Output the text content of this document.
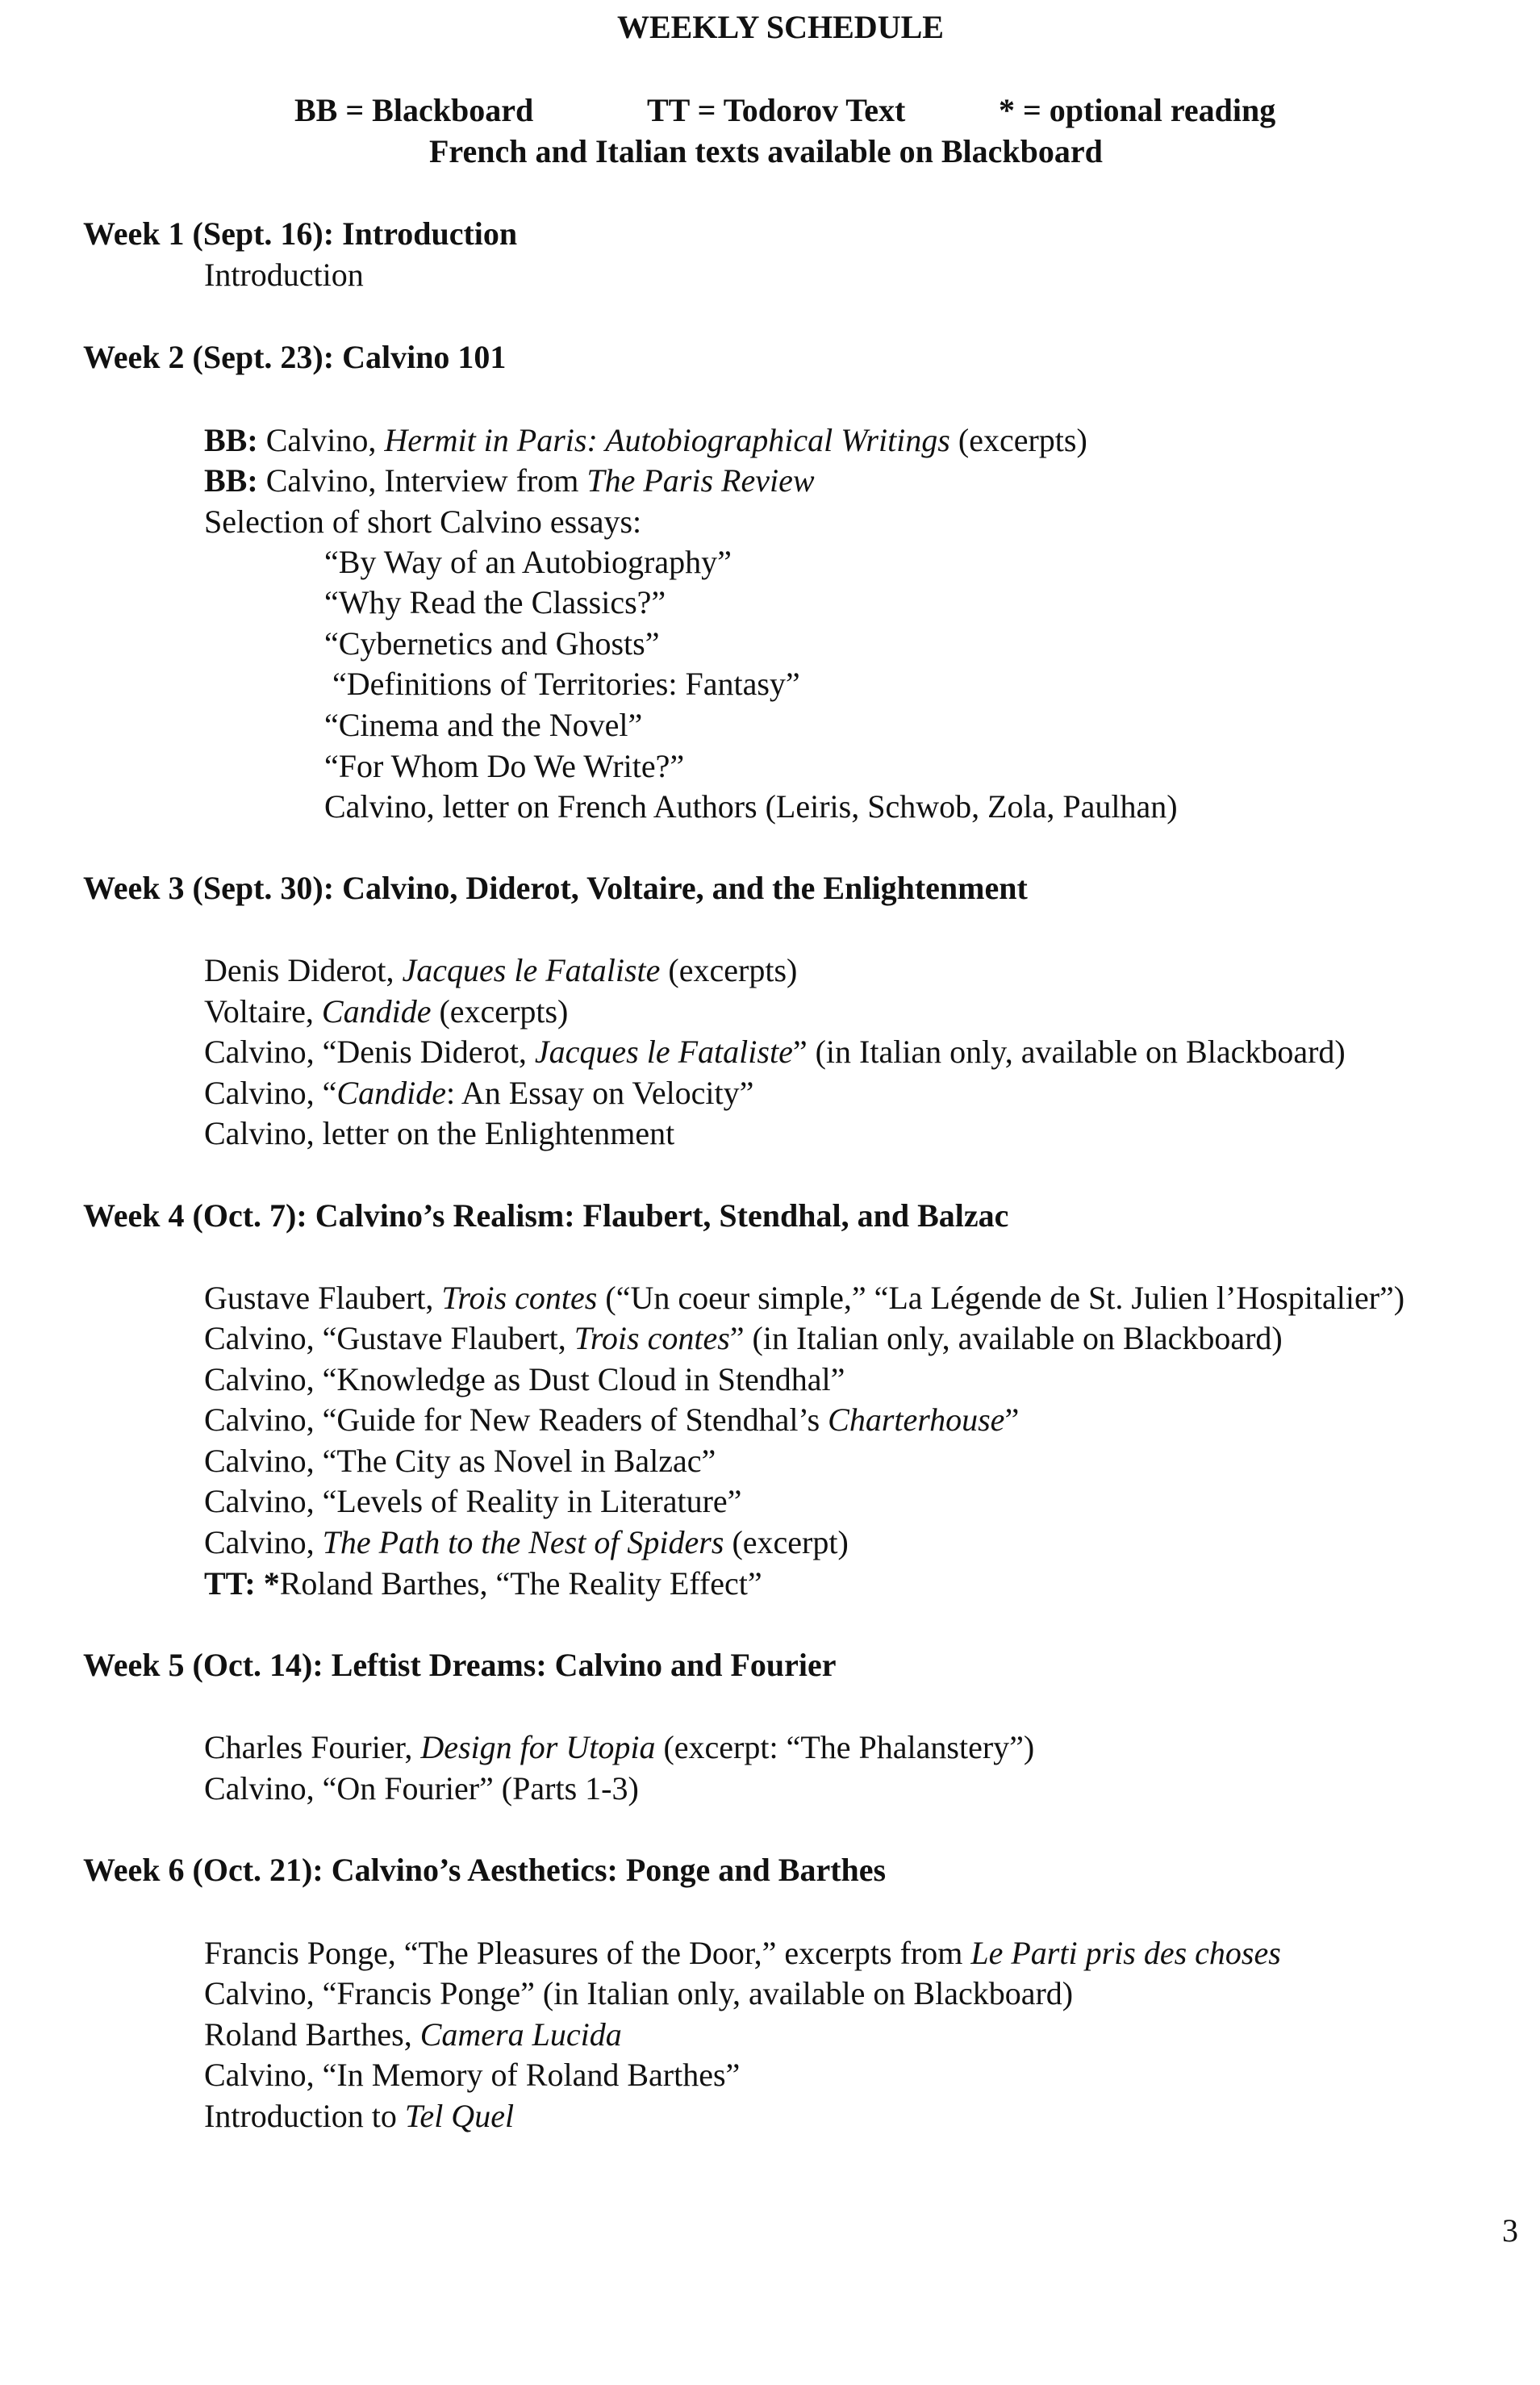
WEEKLY SCHEDULE
BB = Blackboard	TT = Todorov Text	* = optional reading
French and Italian texts available on Blackboard
Week 1 (Sept. 16): Introduction
Introduction
Week 2 (Sept. 23): Calvino 101
BB: Calvino, Hermit in Paris: Autobiographical Writings (excerpts)
BB: Calvino, Interview from The Paris Review
Selection of short Calvino essays:
“By Way of an Autobiography”
“Why Read the Classics?”
“Cybernetics and Ghosts”
“Definitions of Territories: Fantasy”
“Cinema and the Novel”
“For Whom Do We Write?”
Calvino, letter on French Authors (Leiris, Schwob, Zola, Paulhan)
Week 3 (Sept. 30): Calvino, Diderot, Voltaire, and the Enlightenment
Denis Diderot, Jacques le Fataliste (excerpts)
Voltaire, Candide (excerpts)
Calvino, “Denis Diderot, Jacques le Fataliste” (in Italian only, available on Blackboard)
Calvino, “Candide: An Essay on Velocity”
Calvino, letter on the Enlightenment
Week 4 (Oct. 7): Calvino’s Realism: Flaubert, Stendhal, and Balzac
Gustave Flaubert, Trois contes (“Un coeur simple,” “La Légende de St. Julien l’Hospitalier”)
Calvino, “Gustave Flaubert, Trois contes” (in Italian only, available on Blackboard)
Calvino, “Knowledge as Dust Cloud in Stendhal”
Calvino, “Guide for New Readers of Stendhal’s Charterhouse”
Calvino, “The City as Novel in Balzac”
Calvino, “Levels of Reality in Literature”
Calvino, The Path to the Nest of Spiders (excerpt)
TT: *Roland Barthes, “The Reality Effect”
Week 5 (Oct. 14): Leftist Dreams: Calvino and Fourier
Charles Fourier, Design for Utopia (excerpt: “The Phalanstery”)
Calvino, “On Fourier” (Parts 1-3)
Week 6 (Oct. 21): Calvino’s Aesthetics: Ponge and Barthes
Francis Ponge, “The Pleasures of the Door,” excerpts from Le Parti pris des choses
Calvino, “Francis Ponge” (in Italian only, available on Blackboard)
Roland Barthes, Camera Lucida
Calvino, “In Memory of Roland Barthes”
Introduction to Tel Quel
3
